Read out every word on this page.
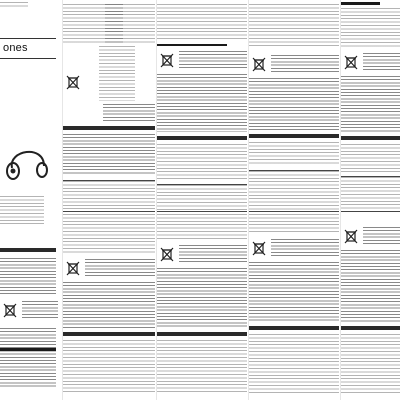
ones
